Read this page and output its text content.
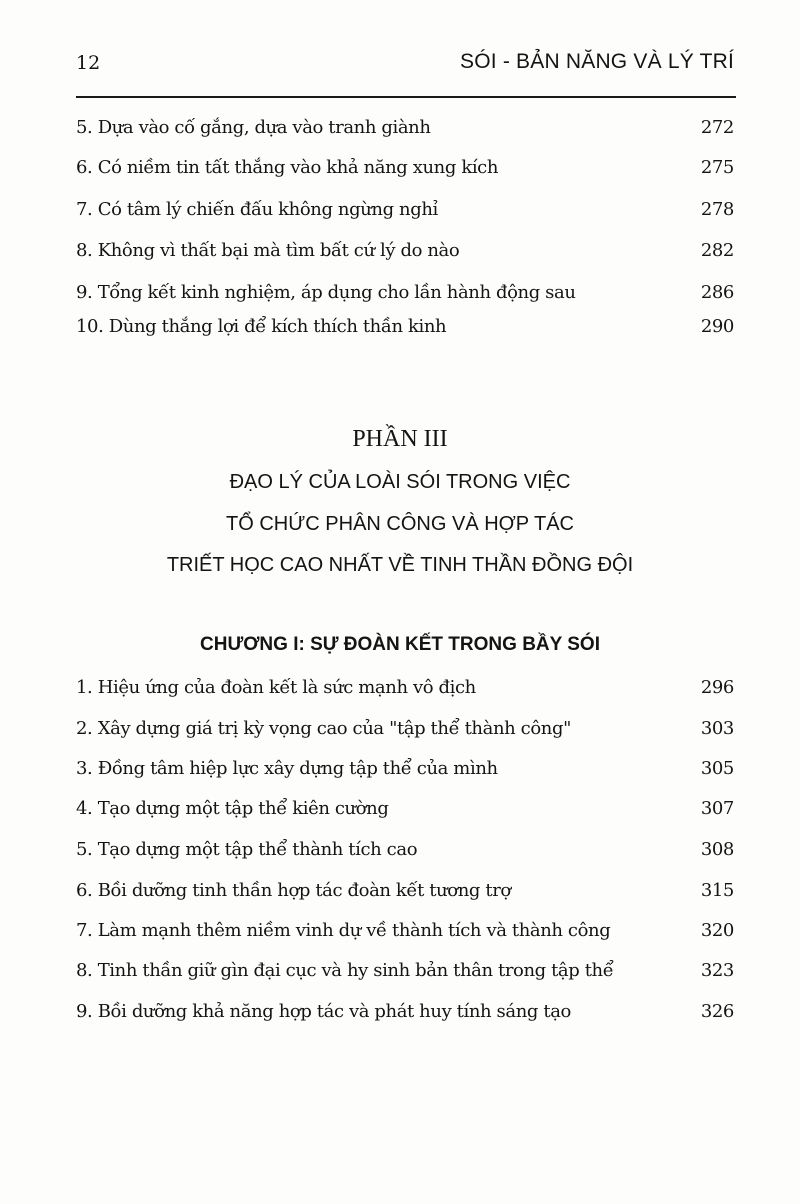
12	SÓI - BẢN NĂNG VÀ LÝ TRÍ
5. Dựa vào cố gắng, dựa vào tranh giành	272
6. Có niềm tin tất thắng vào khả năng xung kích	275
7. Có tâm lý chiến đấu không ngừng nghỉ	278
8. Không vì thất bại mà tìm bất cứ lý do nào	282
9. Tổng kết kinh nghiệm, áp dụng cho lần hành động sau	286
10. Dùng thắng lợi để kích thích thần kinh	290
PHẦN III
ĐẠO LÝ CỦA LOÀI SÓI TRONG VIỆC
TỔ CHỨC PHÂN CÔNG VÀ HỢP TÁC
TRIẾT HỌC CAO NHẤT VỀ TINH THẦN ĐỒNG ĐỘI
CHƯƠNG I: SỰ ĐOÀN KẾT TRONG BẦY SÓI
1. Hiệu ứng của đoàn kết là sức mạnh vô địch	296
2. Xây dựng giá trị kỳ vọng cao của "tập thể thành công"	303
3. Đồng tâm hiệp lực xây dựng tập thể của mình	305
4. Tạo dựng một tập thể kiên cường	307
5. Tạo dựng một tập thể thành tích cao	308
6. Bồi dưỡng tinh thần hợp tác đoàn kết tương trợ	315
7. Làm mạnh thêm niềm vinh dự về thành tích và thành công	320
8. Tinh thần giữ gìn đại cục và hy sinh bản thân trong tập thể	323
9. Bồi dưỡng khả năng hợp tác và phát huy tính sáng tạo	326
